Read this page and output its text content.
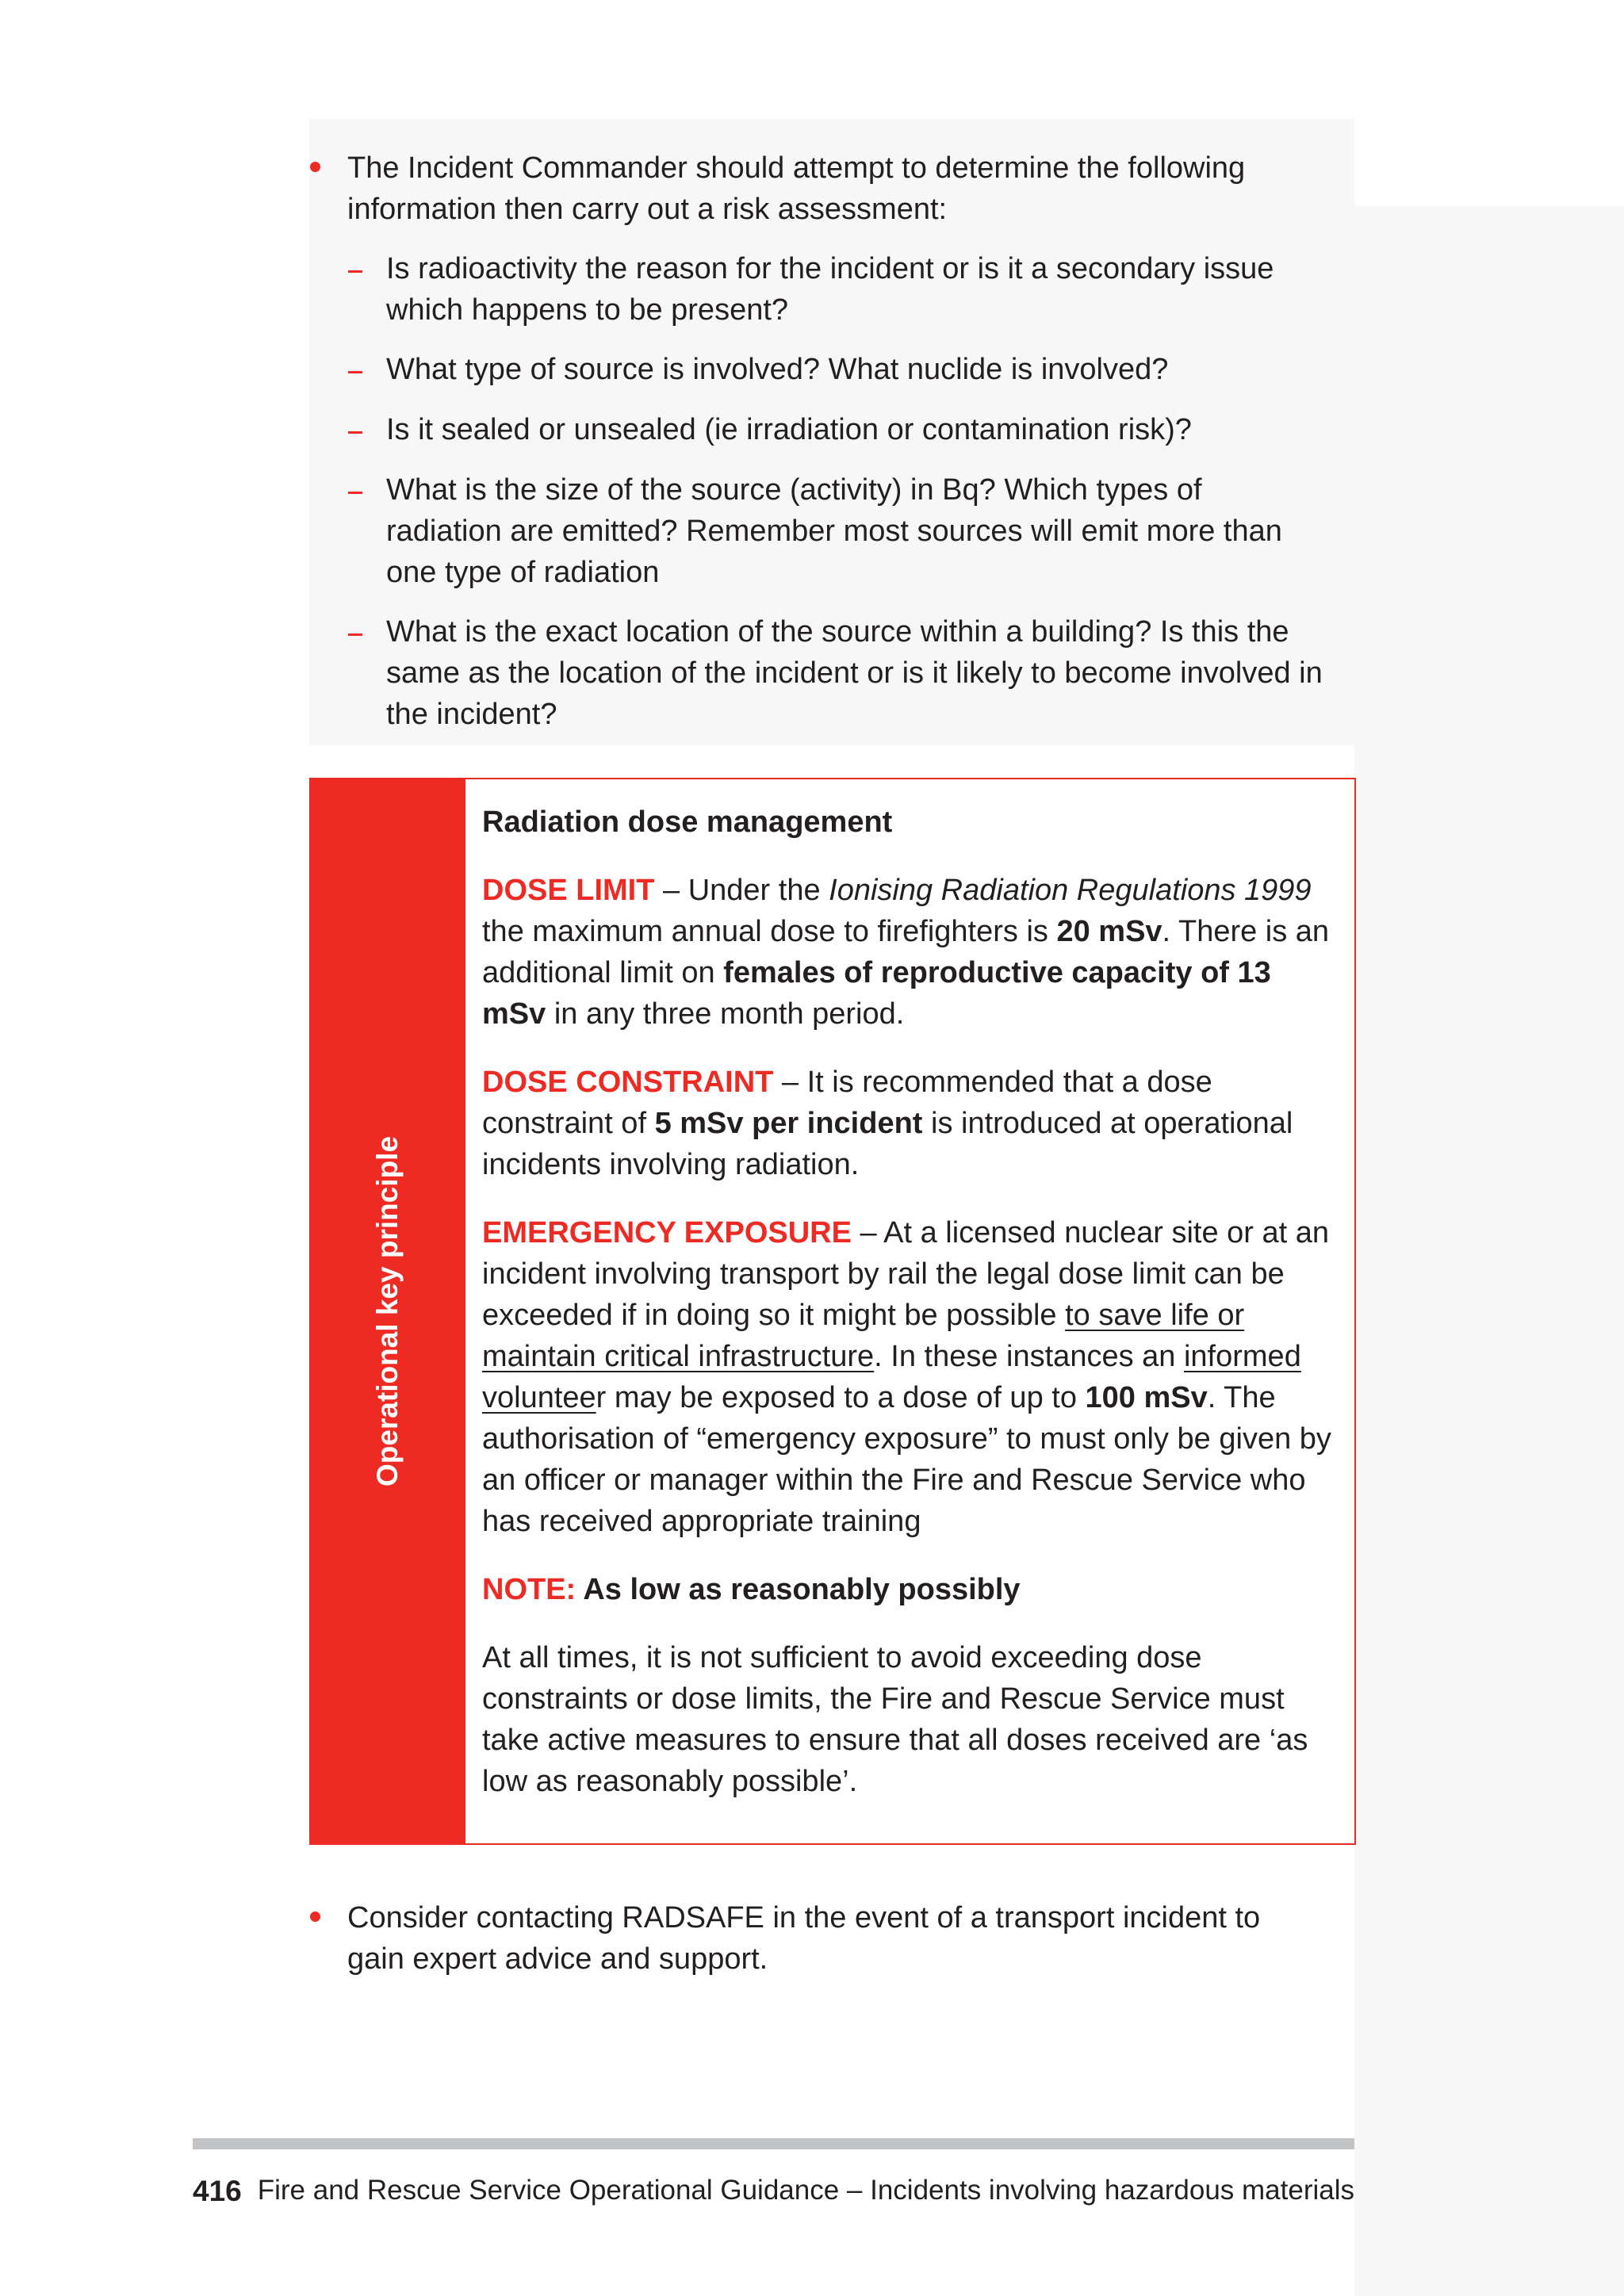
The Incident Commander should attempt to determine the following information then carry out a risk assessment:

Is radioactivity the reason for the incident or is it a secondary issue which happens to be present?

What type of source is involved? What nuclide is involved?

Is it sealed or unsealed (ie irradiation or contamination risk)?

What is the size of the source (activity) in Bq? Which types of radiation are emitted? Remember most sources will emit more than one type of radiation

What is the exact location of the source within a building? Is this the same as the location of the incident or is it likely to become involved in the incident?

Operational key principle

Radiation dose management

DOSE LIMIT – Under the Ionising Radiation Regulations 1999 the maximum annual dose to firefighters is 20 mSv. There is an additional limit on females of reproductive capacity of 13 mSv in any three month period.

DOSE CONSTRAINT – It is recommended that a dose constraint of 5 mSv per incident is introduced at operational incidents involving radiation.

EMERGENCY EXPOSURE – At a licensed nuclear site or at an incident involving transport by rail the legal dose limit can be exceeded if in doing so it might be possible to save life or maintain critical infrastructure. In these instances an informed volunteer may be exposed to a dose of up to 100 mSv. The authorisation of “emergency exposure” to must only be given by an officer or manager within the Fire and Rescue Service who has received appropriate training

NOTE: As low as reasonably possibly

At all times, it is not sufficient to avoid exceeding dose constraints or dose limits, the Fire and Rescue Service must take active measures to ensure that all doses received are ‘as low as reasonably possible’.

Consider contacting RADSAFE in the event of a transport incident to gain expert advice and support.

416 Fire and Rescue Service Operational Guidance – Incidents involving hazardous materials
